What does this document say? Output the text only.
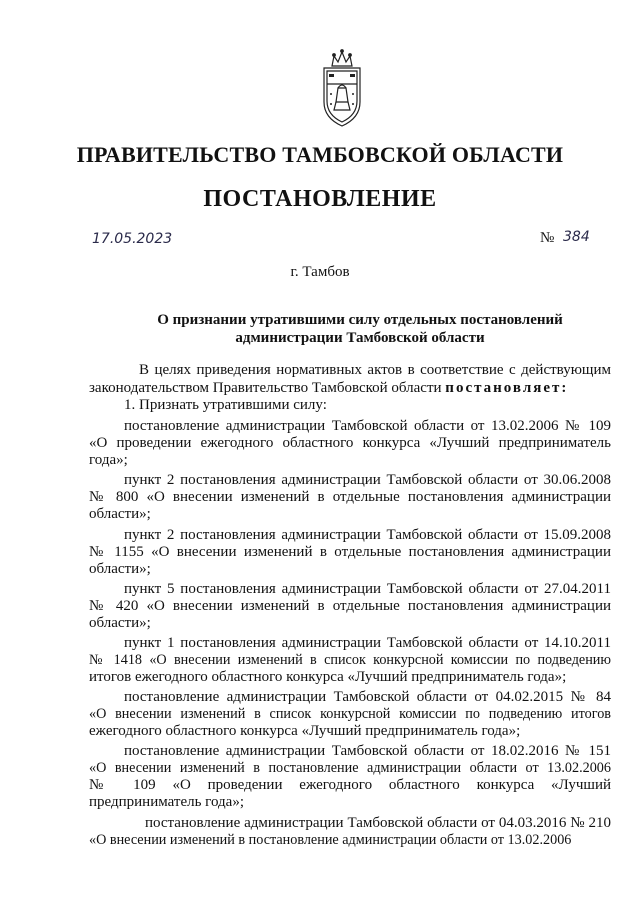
ПРАВИТЕЛЬСТВО ТАМБОВСКОЙ ОБЛАСТИ
ПОСТАНОВЛЕНИЕ
17.05.2023	№ 384
г. Тамбов
О признании утратившими силу отдельных постановлений
администрации Тамбовской области
В целях приведения нормативных актов в соответствие с действующим
законодательством Правительство Тамбовской области постановляет:
1. Признать утратившими силу:
постановление администрации Тамбовской области от 13.02.2006 № 109
«О проведении ежегодного областного конкурса «Лучший предприниматель
года»;
пункт 2 постановления администрации Тамбовской области от 30.06.2008
№ 800 «О внесении изменений в отдельные постановления администрации
области»;
пункт 2 постановления администрации Тамбовской области от 15.09.2008
№ 1155 «О внесении изменений в отдельные постановления администрации
области»;
пункт 5 постановления администрации Тамбовской области от 27.04.2011
№ 420 «О внесении изменений в отдельные постановления администрации
области»;
пункт 1 постановления администрации Тамбовской области от 14.10.2011
№ 1418 «О внесении изменений в список конкурсной комиссии по подведению
итогов ежегодного областного конкурса «Лучший предприниматель года»;
постановление администрации Тамбовской области от 04.02.2015 № 84
«О внесении изменений в список конкурсной комиссии по подведению итогов
ежегодного областного конкурса «Лучший предприниматель года»;
постановление администрации Тамбовской области от 18.02.2016 № 151
«О внесении изменений в постановление администрации области от 13.02.2006
№ 109 «О проведении ежегодного областного конкурса «Лучший
предприниматель года»;
постановление администрации Тамбовской области от 04.03.2016 № 210
«О внесении изменений в постановление администрации области от 13.02.2006
